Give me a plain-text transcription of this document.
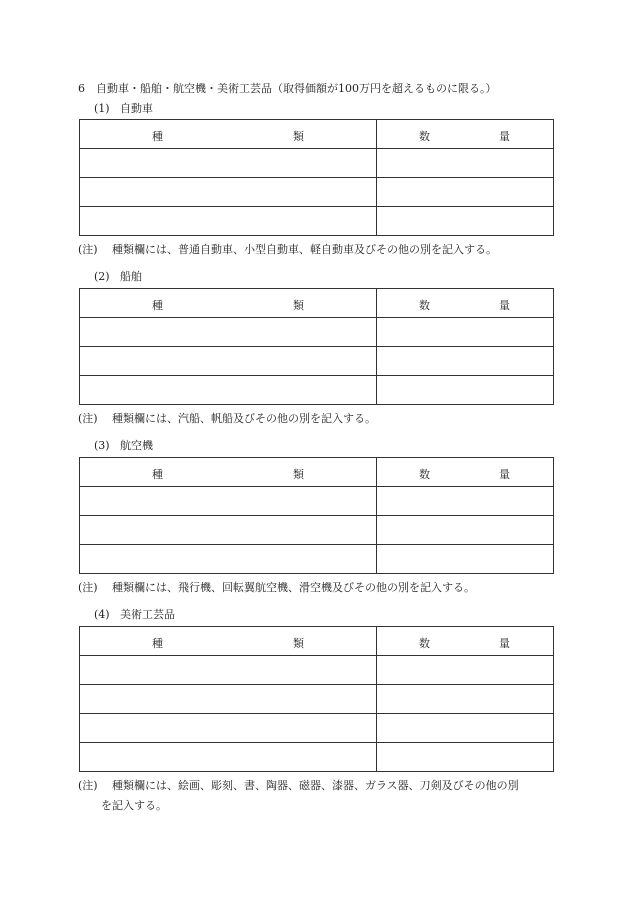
6　自動車・船舶・航空機・美術工芸品（取得価額が100万円を超えるものに限る。）
(1) 自動車
種 類	数 量

(注) 種類欄には、普通自動車、小型自動車、軽自動車及びその他の別を記入する。
(2) 船舶
種 類	数 量

(注) 種類欄には、汽船、帆船及びその他の別を記入する。
(3) 航空機
種 類	数 量

(注) 種類欄には、飛行機、回転翼航空機、滑空機及びその他の別を記入する。
(4) 美術工芸品
種 類	数 量

(注) 種類欄には、絵画、彫刻、書、陶器、磁器、漆器、ガラス器、刀剣及びその他の別
を記入する。
